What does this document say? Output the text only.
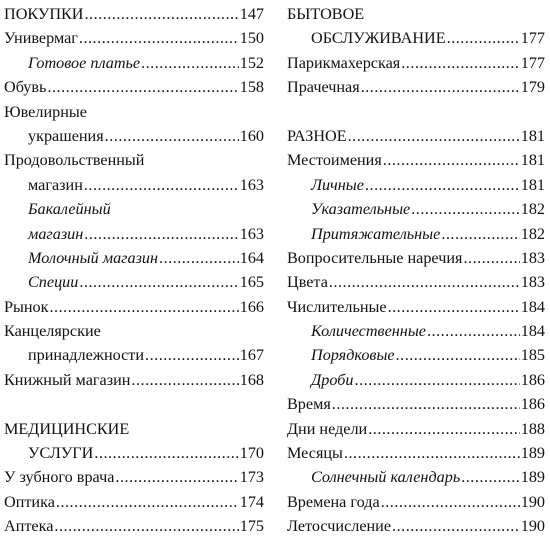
ПОКУПКИ .....	147
Универмаг .....	150
Готовое платье .....	152
Обувь .....	158
Ювелирные
украшения .....	160
Продовольственный
магазин .....	163
Бакалейный
магазин .....	163
Молочный магазин .....	164
Специи .....	165
Рынок .....	166
Канцелярские
принадлежности .....	167
Книжный магазин .....	168
МЕДИЦИНСКИЕ
УСЛУГИ .....	170
У зубного врача .....	173
Оптика .....	174
Аптека .....	175
БЫТОВОЕ
ОБСЛУЖИВАНИЕ .....	177
Парикмахерская .....	177
Прачечная .....	179
РАЗНОЕ .....	181
Местоимения .....	181
Личные .....	181
Указательные .....	182
Притяжательные .....	182
Вопросительные наречия .....	183
Цвета .....	183
Числительные .....	184
Количественные .....	184
Порядковые .....	185
Дроби .....	186
Время .....	186
Дни недели .....	188
Месяцы .....	189
Солнечный календарь .....	189
Времена года .....	190
Летосчисление .....	190
